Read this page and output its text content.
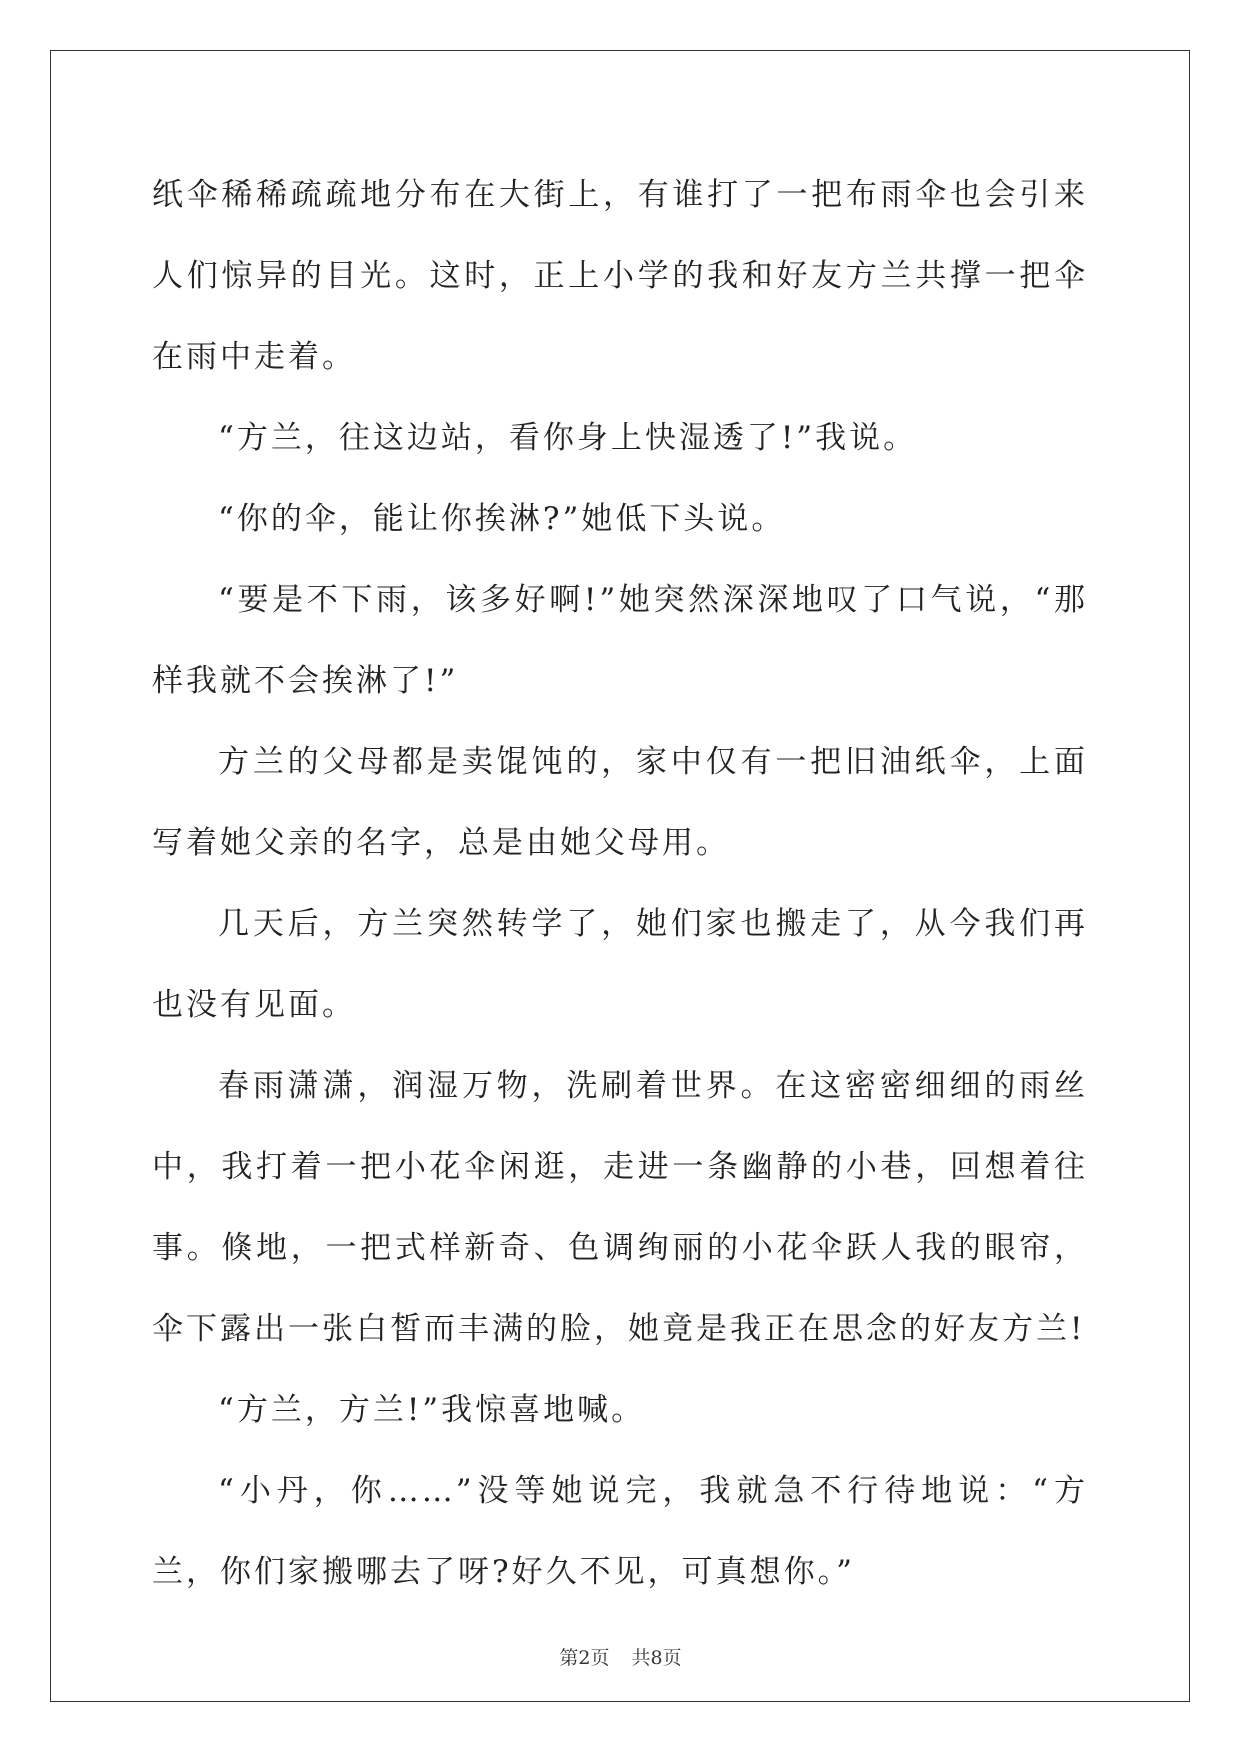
纸伞稀稀疏疏地分布在大街上，有谁打了一把布雨伞也会引来人们惊异的目光。这时，正上小学的我和好友方兰共撑一把伞在雨中走着。

“方兰，往这边站，看你身上快湿透了!”我说。

“你的伞，能让你挨淋?”她低下头说。

“要是不下雨，该多好啊!”她突然深深地叹了口气说，“那样我就不会挨淋了!”

方兰的父母都是卖馄饨的，家中仅有一把旧油纸伞，上面写着她父亲的名字，总是由她父母用。

几天后，方兰突然转学了，她们家也搬走了，从今我们再也没有见面。

春雨潇潇，润湿万物，洗刷着世界。在这密密细细的雨丝中，我打着一把小花伞闲逛，走进一条幽静的小巷，回想着往事。倏地，一把式样新奇、色调绚丽的小花伞跃人我的眼帘，伞下露出一张白皙而丰满的脸，她竟是我正在思念的好友方兰!

“方兰，方兰!”我惊喜地喊。

“小丹，你……”没等她说完，我就急不行待地说：“方兰，你们家搬哪去了呀?好久不见，可真想你。”

第2页 共8页
